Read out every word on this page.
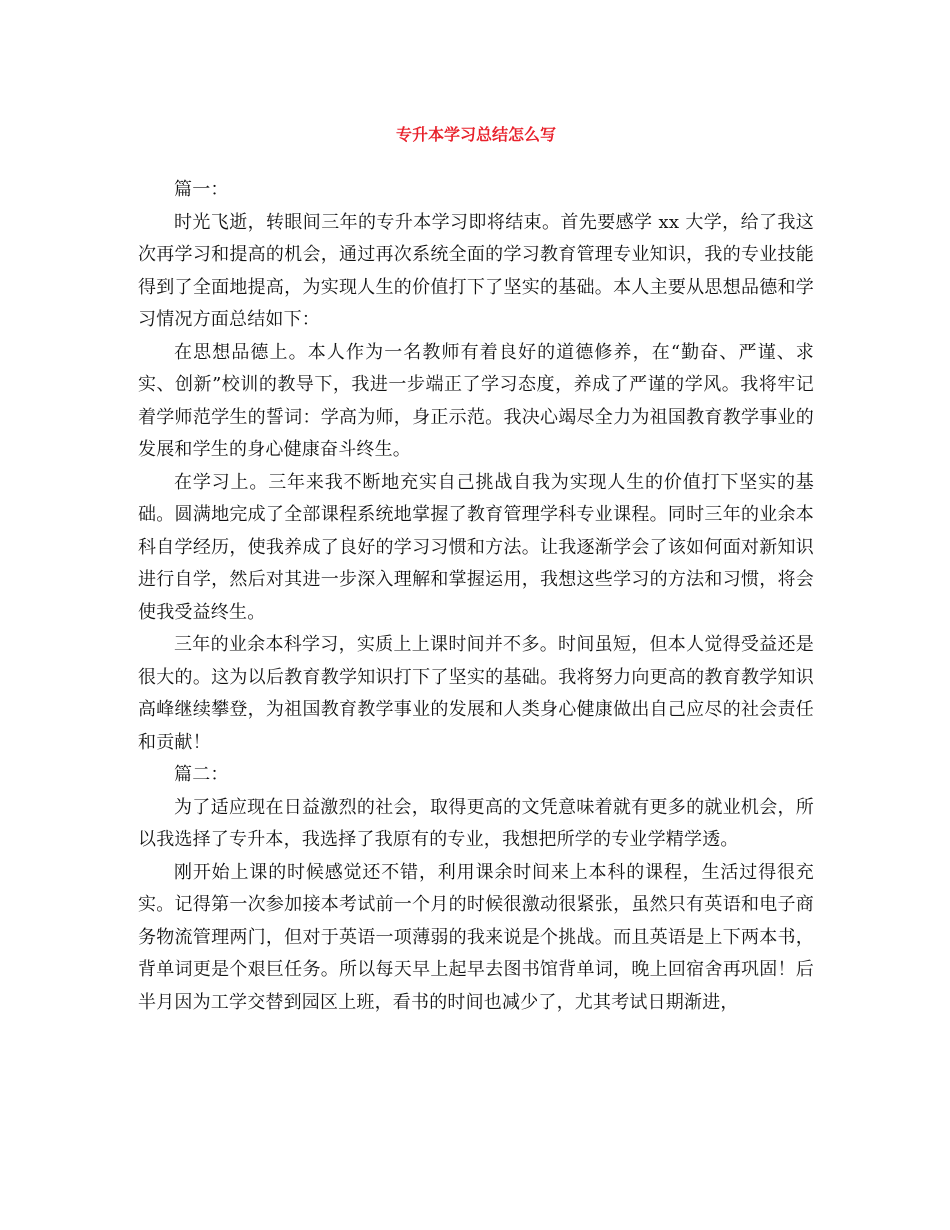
专升本学习总结怎么写

篇一：

时光飞逝，转眼间三年的专升本学习即将结束。首先要感学 xx 大学，给了我这次再学习和提高的机会，通过再次系统全面的学习教育管理专业知识，我的专业技能得到了全面地提高，为实现人生的价值打下了坚实的基础。本人主要从思想品德和学习情况方面总结如下：

在思想品德上。本人作为一名教师有着良好的道德修养，在“勤奋、严谨、求实、创新”校训的教导下，我进一步端正了学习态度，养成了严谨的学风。我将牢记着学师范学生的誓词：学高为师，身正示范。我决心竭尽全力为祖国教育教学事业的发展和学生的身心健康奋斗终生。

在学习上。三年来我不断地充实自己挑战自我为实现人生的价值打下坚实的基础。圆满地完成了全部课程系统地掌握了教育管理学科专业课程。同时三年的业余本科自学经历，使我养成了良好的学习习惯和方法。让我逐渐学会了该如何面对新知识进行自学，然后对其进一步深入理解和掌握运用，我想这些学习的方法和习惯，将会使我受益终生。

三年的业余本科学习，实质上上课时间并不多。时间虽短，但本人觉得受益还是很大的。这为以后教育教学知识打下了坚实的基础。我将努力向更高的教育教学知识高峰继续攀登，为祖国教育教学事业的发展和人类身心健康做出自己应尽的社会责任和贡献！

篇二：

为了适应现在日益激烈的社会，取得更高的文凭意味着就有更多的就业机会，所以我选择了专升本，我选择了我原有的专业，我想把所学的专业学精学透。

刚开始上课的时候感觉还不错，利用课余时间来上本科的课程，生活过得很充实。记得第一次参加接本考试前一个月的时候很激动很紧张，虽然只有英语和电子商务物流管理两门，但对于英语一项薄弱的我来说是个挑战。而且英语是上下两本书，背单词更是个艰巨任务。所以每天早上起早去图书馆背单词，晚上回宿舍再巩固！后半月因为工学交替到园区上班，看书的时间也减少了，尤其考试日期渐进，
